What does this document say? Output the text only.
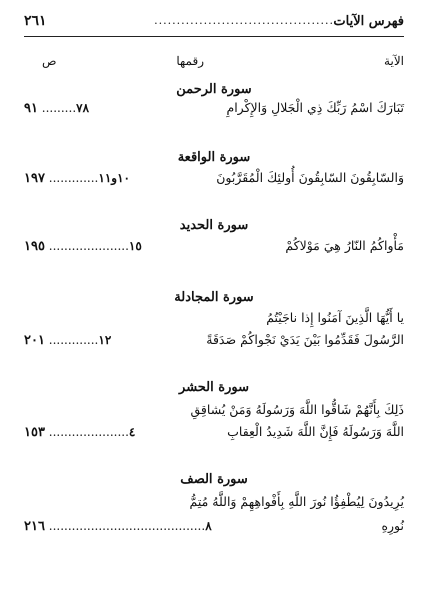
فهرس الآيات
........................................
٢٦١
الآية
رقمها
ص
سورة الرحمن
تَبَارَكَ اسْمُ رَبِّكَ ذِي الْجَلالِ وَالإِكْرامِ
٧٨......... ٩١
سورة الواقعة
وَالسّابِقُونَ السّابِقُونَ أُولئِكَ الْمُقَرَّبُونَ
١٠و١١............. ١٩٧
سورة الحديد
مَأْواكُمُ النّارُ هِيَ مَوْلاكُمْ
١٥..................... ١٩٥
سورة المجادلة
يا أَيُّهَا الَّذِينَ آمَنُوا إِذا ناجَيْتُمُ
الرَّسُولَ فَقَدِّمُوا بَيْنَ يَدَيْ نَجْواكُمْ صَدَقَةً
١٢............. ٢٠١
سورة الحشر
ذَلِكَ بِأَنَّهُمْ شَاقُّوا اللَّهَ وَرَسُولَهُ وَمَنْ يُشاقِقِ
اللَّهَ وَرَسُولَهُ فَإِنَّ اللَّهَ شَدِيدُ الْعِقابِ
٤..................... ١٥٣
سورة الصف
يُرِيدُونَ لِيُطْفِؤُا نُورَ اللَّهِ بِأَفْواهِهِمْ وَاللَّهُ مُتِمُّ
نُورِهِ
٨......................................... ٢١٦
